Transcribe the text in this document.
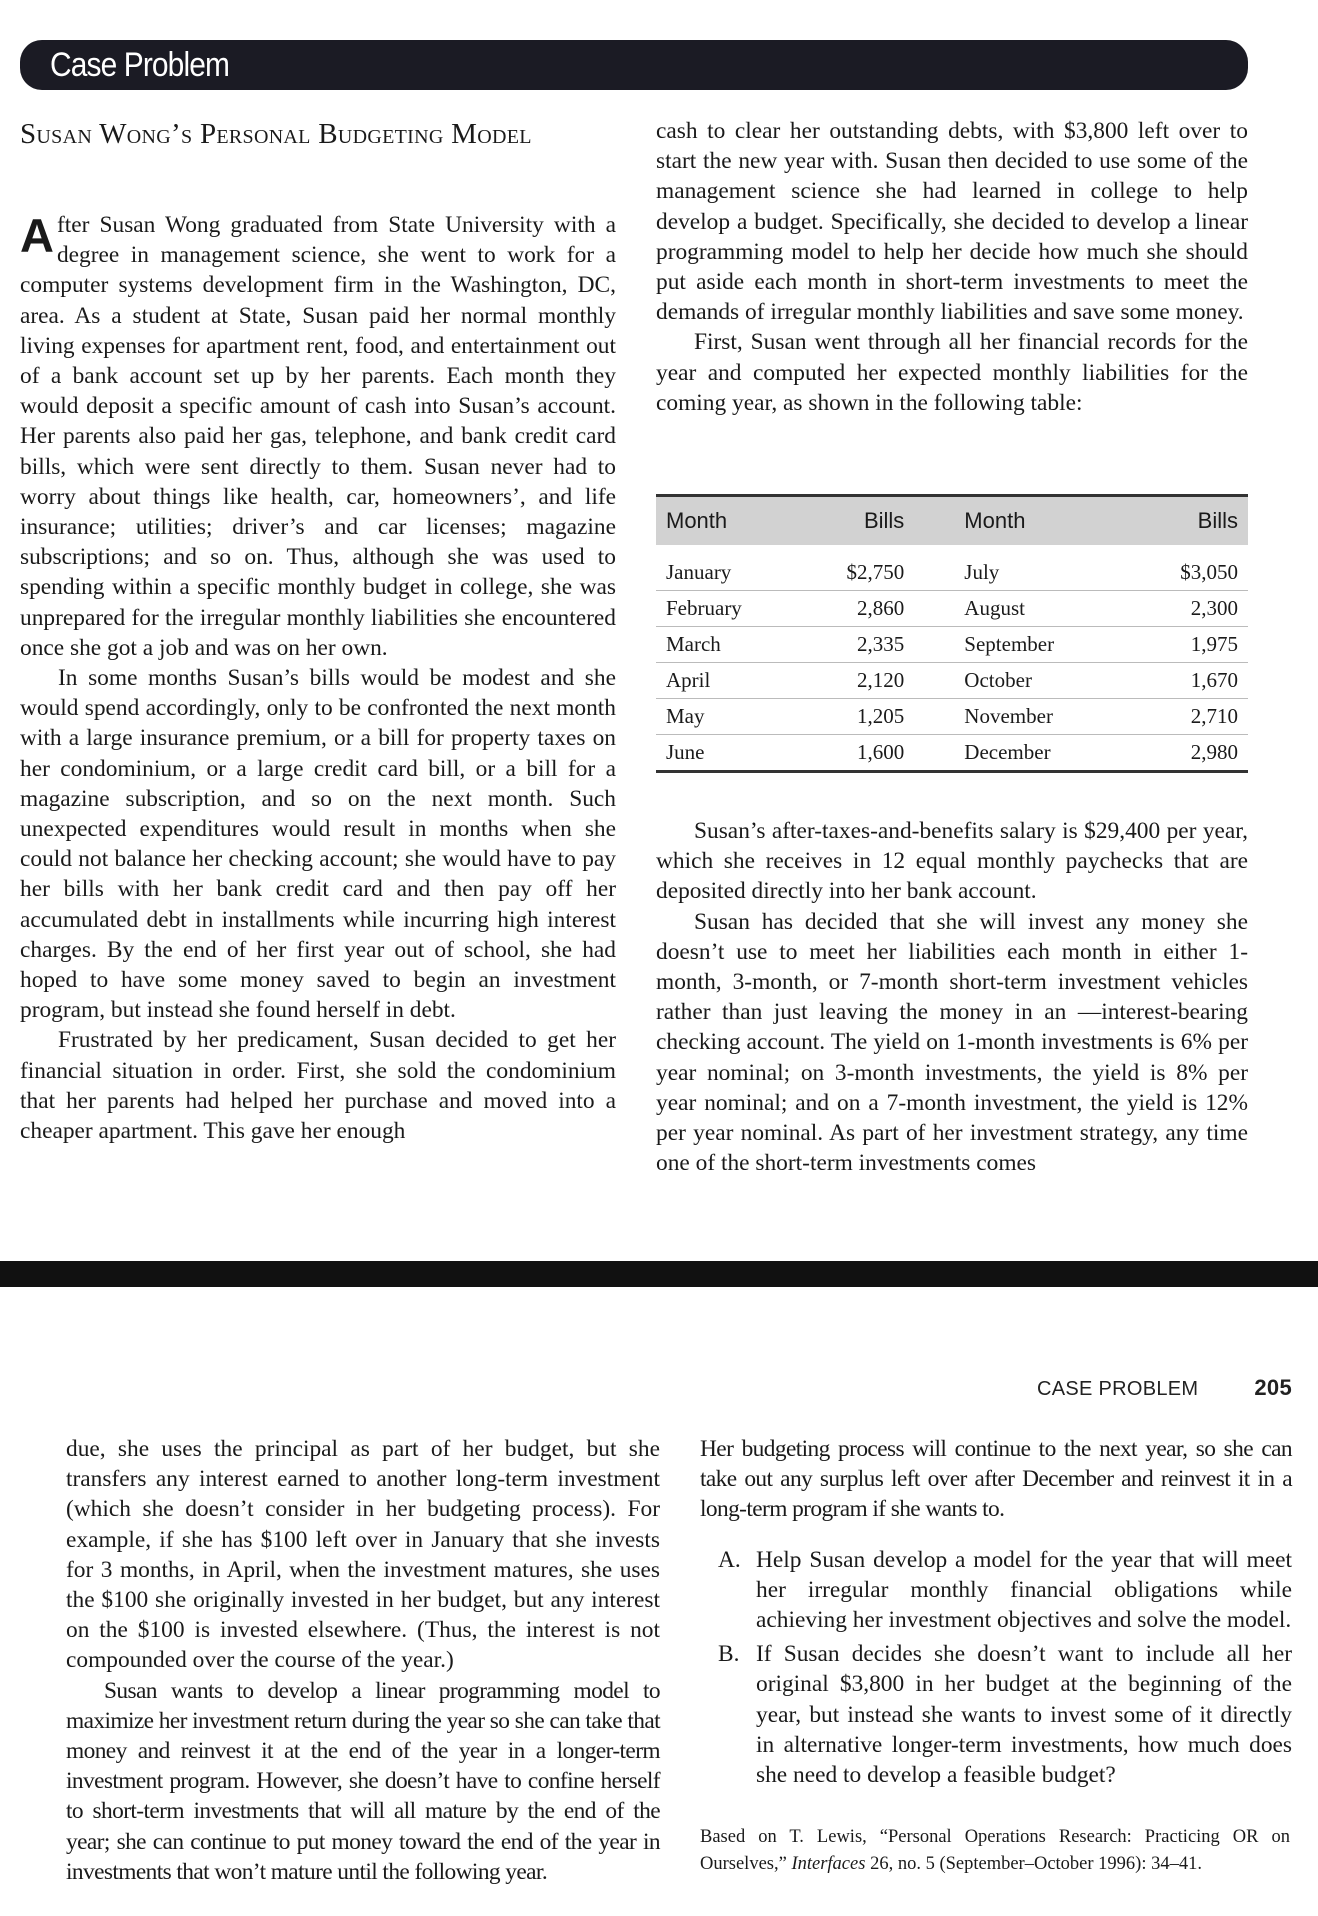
Case Problem
Susan Wong’s Personal Budgeting Model

After Susan Wong graduated from State University with a degree in management science, she went to work for a computer systems development firm in the Washington, DC, area. As a student at State, Susan paid her normal monthly living expenses for apartment rent, food, and entertainment out of a bank account set up by her parents. Each month they would deposit a specific amount of cash into Susan’s account. Her parents also paid her gas, telephone, and bank credit card bills, which were sent directly to them. Susan never had to worry about things like health, car, homeowners’, and life insurance; utilities; driver’s and car licenses; magazine subscriptions; and so on. Thus, although she was used to spending within a specific monthly budget in college, she was unprepared for the irregular monthly liabilities she encountered once she got a job and was on her own.

In some months Susan’s bills would be modest and she would spend accordingly, only to be confronted the next month with a large insurance premium, or a bill for property taxes on her condominium, or a large credit card bill, or a bill for a magazine subscription, and so on the next month. Such unexpected expenditures would result in months when she could not balance her checking account; she would have to pay her bills with her bank credit card and then pay off her accumulated debt in installments while incurring high interest charges. By the end of her first year out of school, she had hoped to have some money saved to begin an investment program, but instead she found herself in debt.

Frustrated by her predicament, Susan decided to get her financial situation in order. First, she sold the condominium that her parents had helped her purchase and moved into a cheaper apartment. This gave her enough

cash to clear her outstanding debts, with $3,800 left over to start the new year with. Susan then decided to use some of the management science she had learned in college to help develop a budget. Specifically, she decided to develop a linear programming model to help her decide how much she should put aside each month in short-term investments to meet the demands of irregular monthly liabilities and save some money.

First, Susan went through all her financial records for the year and computed her expected monthly liabilities for the coming year, as shown in the following table:

Month	Bills	Month	Bills
January	$2,750	July	$3,050
February	2,860	August	2,300
March	2,335	September	1,975
April	2,120	October	1,670
May	1,205	November	2,710
June	1,600	December	2,980

Susan’s after-taxes-and-benefits salary is $29,400 per year, which she receives in 12 equal monthly paychecks that are deposited directly into her bank account.

Susan has decided that she will invest any money she doesn’t use to meet her liabilities each month in either 1-month, 3-month, or 7-month short-term investment vehicles rather than just leaving the money in an —interest-bearing checking account. The yield on 1-month investments is 6% per year nominal; on 3-month investments, the yield is 8% per year nominal; and on a 7-month investment, the yield is 12% per year nominal. As part of her investment strategy, any time one of the short-term investments comes

CASE PROBLEM	205

due, she uses the principal as part of her budget, but she transfers any interest earned to another long-term investment (which she doesn’t consider in her budgeting process). For example, if she has $100 left over in January that she invests for 3 months, in April, when the investment matures, she uses the $100 she originally invested in her budget, but any interest on the $100 is invested elsewhere. (Thus, the interest is not compounded over the course of the year.)

Susan wants to develop a linear programming model to maximize her investment return during the year so she can take that money and reinvest it at the end of the year in a longer-term investment program. However, she doesn’t have to confine herself to short-term investments that will all mature by the end of the year; she can continue to put money toward the end of the year in investments that won’t mature until the following year.

Her budgeting process will continue to the next year, so she can take out any surplus left over after December and reinvest it in a long-term program if she wants to.

A. Help Susan develop a model for the year that will meet her irregular monthly financial obligations while achieving her investment objectives and solve the model.
B. If Susan decides she doesn’t want to include all her original $3,800 in her budget at the beginning of the year, but instead she wants to invest some of it directly in alternative longer-term investments, how much does she need to develop a feasible budget?
Based on T. Lewis, “Personal Operations Research: Practicing OR on Ourselves,” Interfaces 26, no. 5 (September–October 1996): 34–41.
